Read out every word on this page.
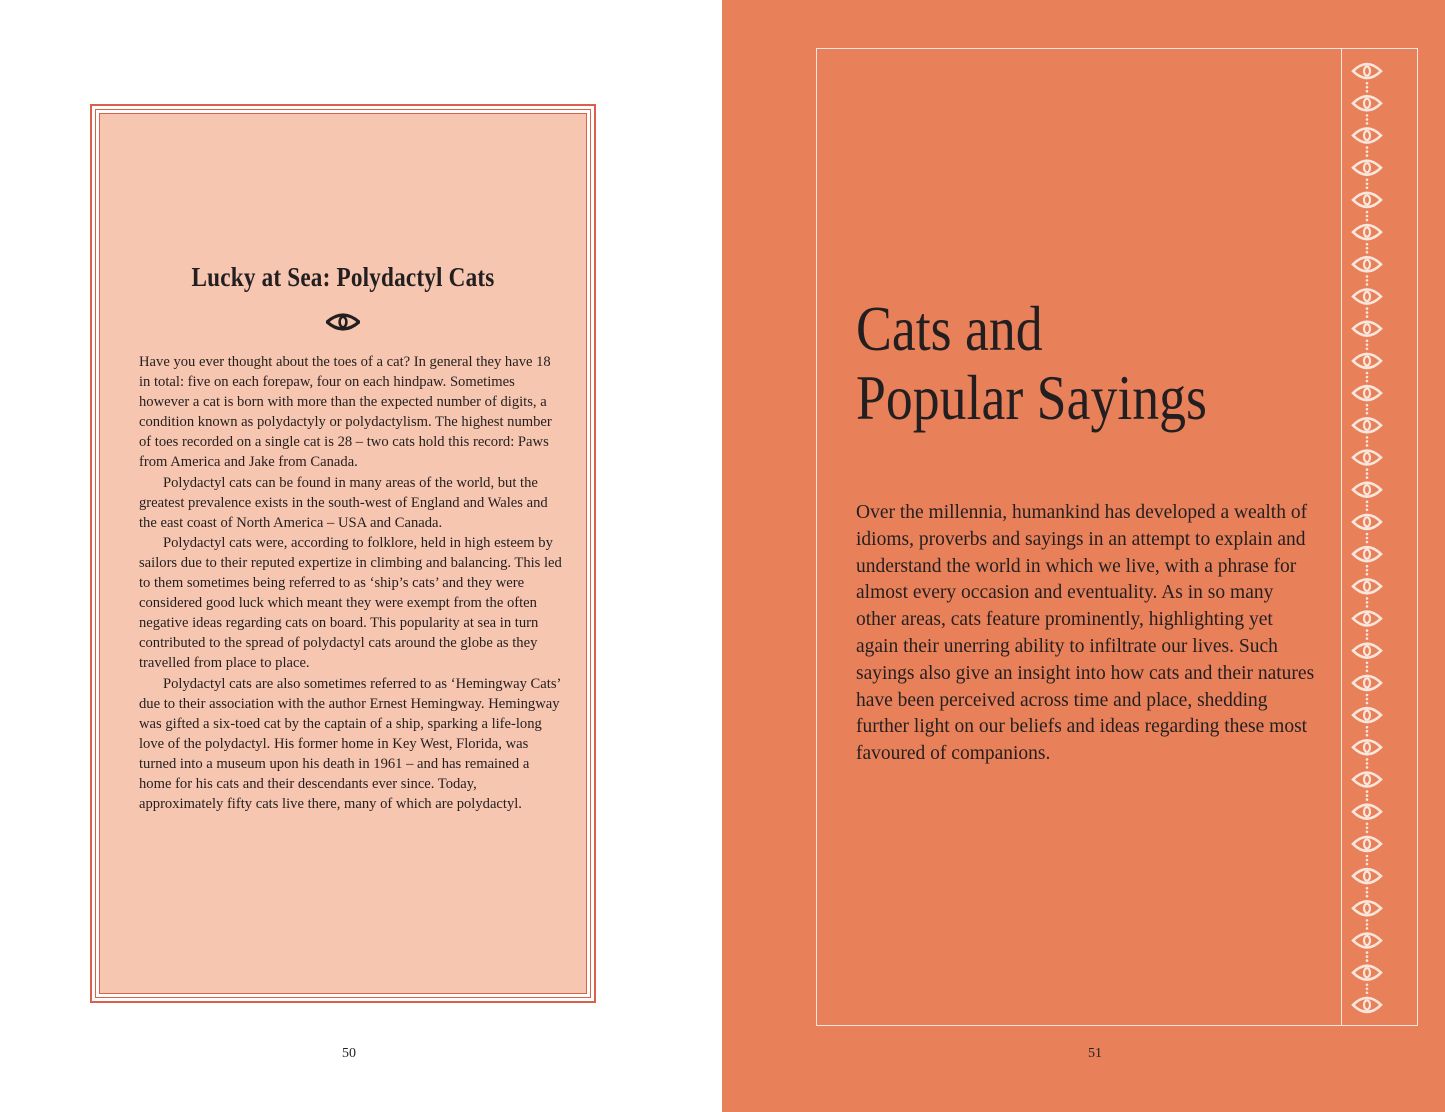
Lucky at Sea: Polydactyl Cats

Have you ever thought about the toes of a cat? In general they have 18 in total: five on each forepaw, four on each hindpaw. Sometimes however a cat is born with more than the expected number of digits, a condition known as polydactyly or polydactylism. The highest number of toes recorded on a single cat is 28 – two cats hold this record: Paws from America and Jake from Canada.

Polydactyl cats can be found in many areas of the world, but the greatest prevalence exists in the south-west of England and Wales and the east coast of North America – USA and Canada.

Polydactyl cats were, according to folklore, held in high esteem by sailors due to their reputed expertize in climbing and balancing. This led to them sometimes being referred to as ‘ship’s cats’ and they were considered good luck which meant they were exempt from the often negative ideas regarding cats on board. This popularity at sea in turn contributed to the spread of polydactyl cats around the globe as they travelled from place to place.

Polydactyl cats are also sometimes referred to as ‘Hemingway Cats’ due to their association with the author Ernest Hemingway. Hemingway was gifted a six-toed cat by the captain of a ship, sparking a life-long love of the polydactyl. His former home in Key West, Florida, was turned into a museum upon his death in 1961 – and has remained a home for his cats and their descendants ever since. Today, approximately fifty cats live there, many of which are polydactyl.

50
Cats and
Popular Sayings

Over the millennia, humankind has developed a wealth of idioms, proverbs and sayings in an attempt to explain and understand the world in which we live, with a phrase for almost every occasion and eventuality. As in so many other areas, cats feature prominently, highlighting yet again their unerring ability to infiltrate our lives. Such sayings also give an insight into how cats and their natures have been perceived across time and place, shedding further light on our beliefs and ideas regarding these most favoured of companions.

51
